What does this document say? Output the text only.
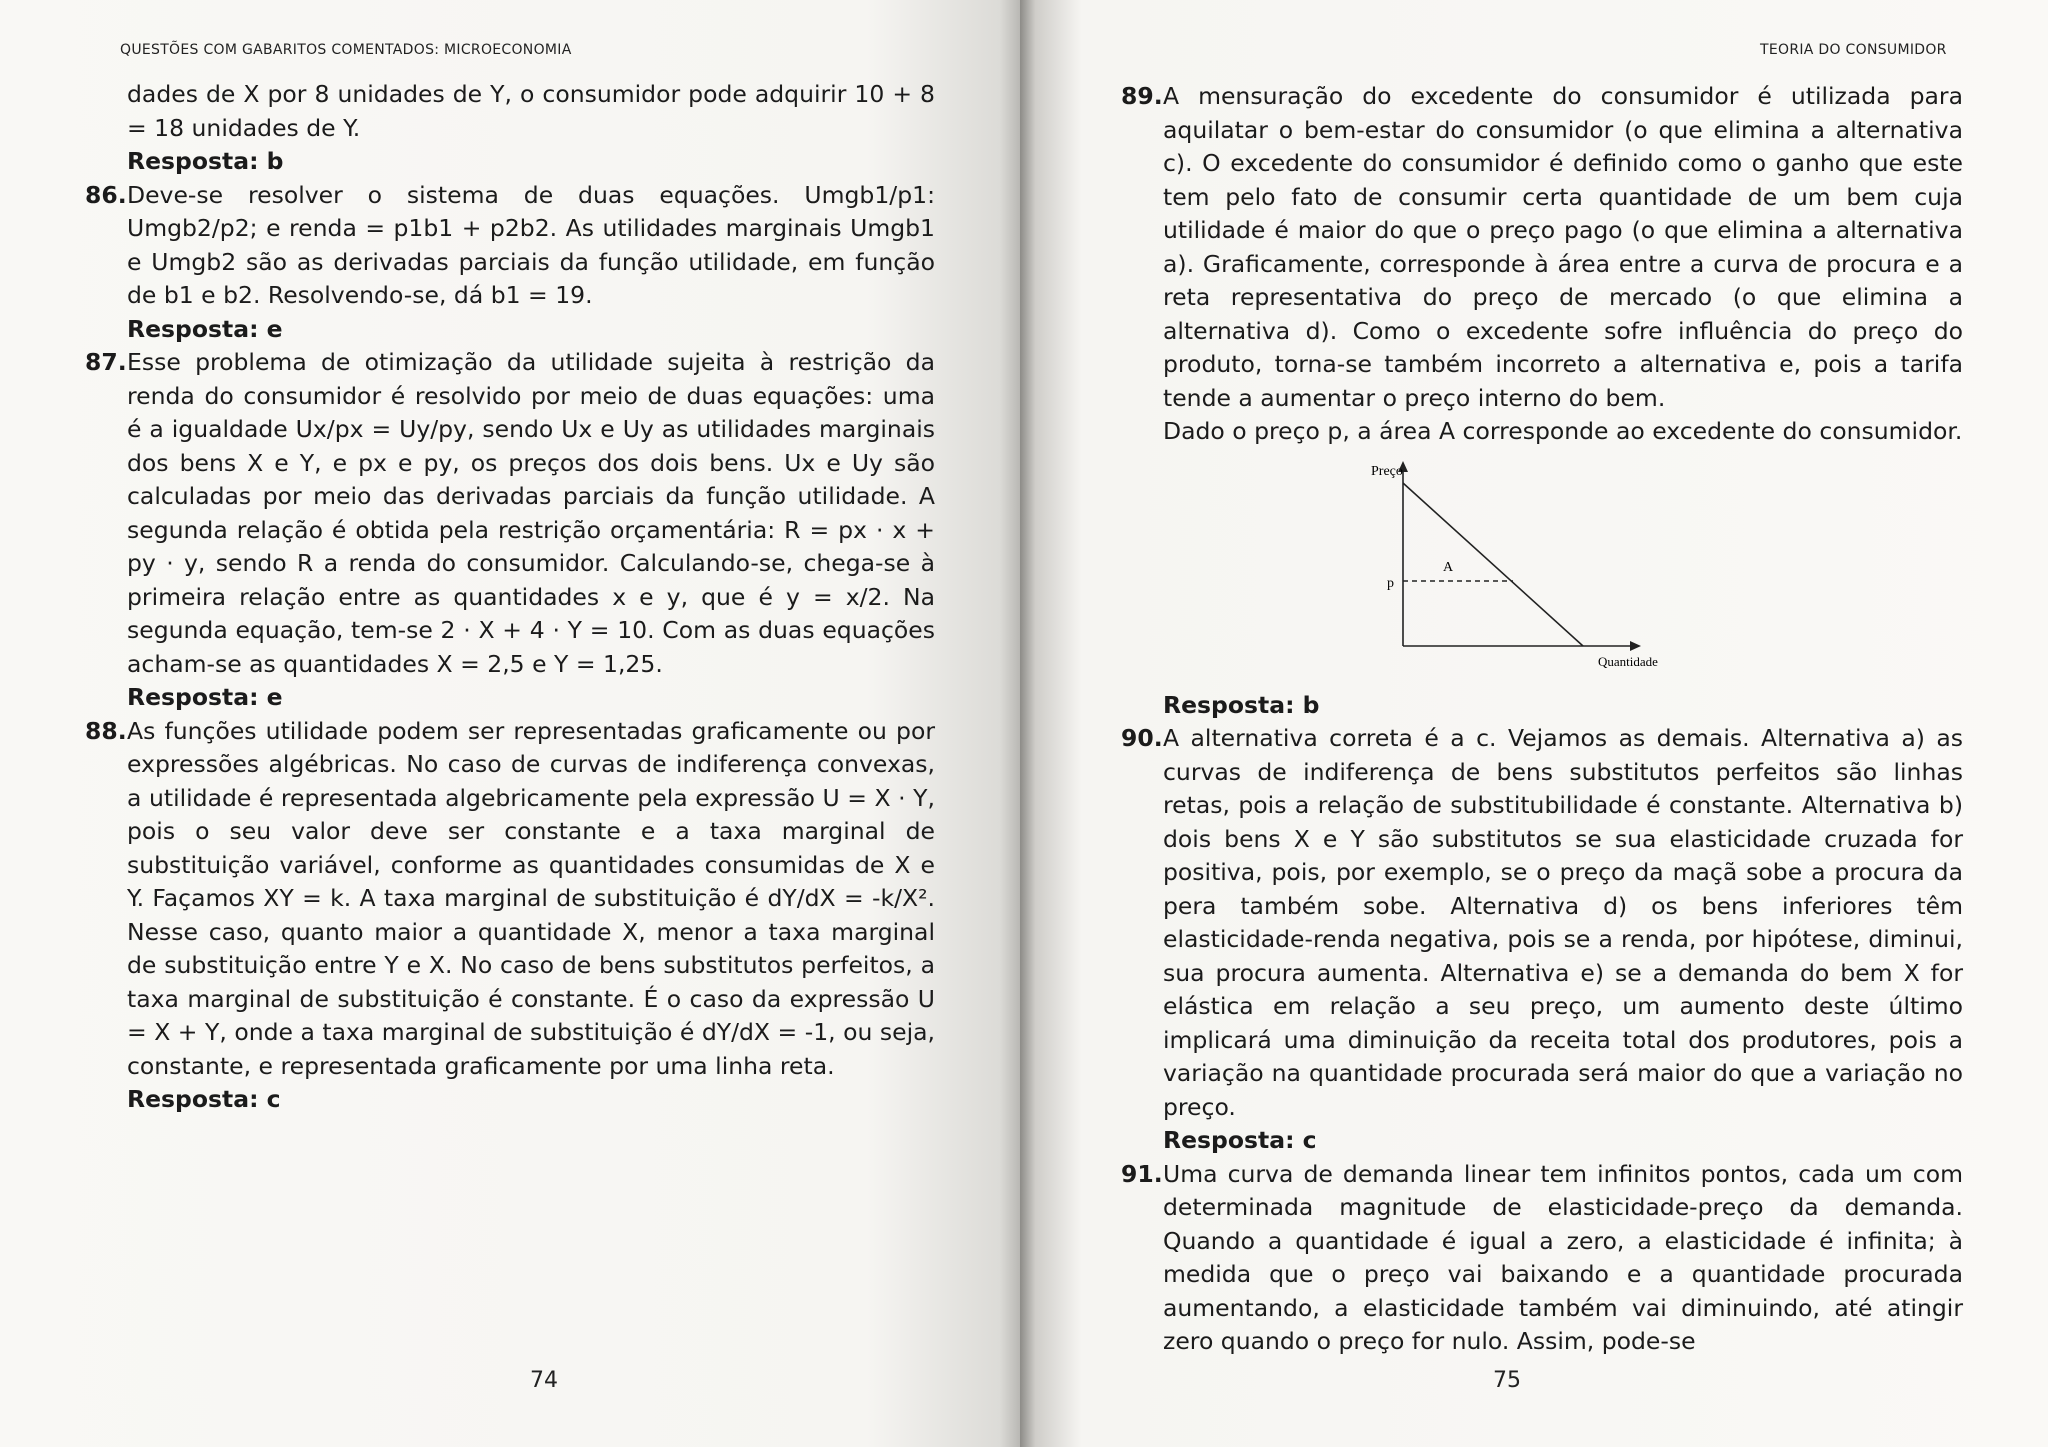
QUESTÕES COM GABARITOS COMENTADOS: MICROECONOMIA

dades de X por 8 unidades de Y, o consumidor pode adquirir 10 + 8 = 18 unidades de Y.

Resposta: b

86. Deve-se resolver o sistema de duas equações. Umgb1/p1: Umgb2/p2; e renda = p1b1 + p2b2. As utilidades marginais Umgb1 e Umgb2 são as derivadas parciais da função utilidade, em função de b1 e b2. Resolvendo-se, dá b1 = 19.

Resposta: e

87. Esse problema de otimização da utilidade sujeita à restrição da renda do consumidor é resolvido por meio de duas equações: uma é a igualdade Ux/px = Uy/py, sendo Ux e Uy as utilidades marginais dos bens X e Y, e px e py, os preços dos dois bens. Ux e Uy são calculadas por meio das derivadas parciais da função utilidade. A segunda relação é obtida pela restrição orçamentária: R = px · x + py · y, sendo R a renda do consumidor. Calculando-se, chega-se à primeira relação entre as quantidades x e y, que é y = x/2. Na segunda equação, tem-se 2 · X + 4 · Y = 10. Com as duas equações acham-se as quantidades X = 2,5 e Y = 1,25.

Resposta: e

88. As funções utilidade podem ser representadas graficamente ou por expressões algébricas. No caso de curvas de indiferença convexas, a utilidade é representada algebricamente pela expressão U = X · Y, pois o seu valor deve ser constante e a taxa marginal de substituição variável, conforme as quantidades consumidas de X e Y. Façamos XY = k. A taxa marginal de substituição é dY/dX = -k/X². Nesse caso, quanto maior a quantidade X, menor a taxa marginal de substituição entre Y e X. No caso de bens substitutos perfeitos, a taxa marginal de substituição é constante. É o caso da expressão U = X + Y, onde a taxa marginal de substituição é dY/dX = -1, ou seja, constante, e representada graficamente por uma linha reta.

Resposta: c

74
TEORIA DO CONSUMIDOR
89. A mensuração do excedente do consumidor é utilizada para aquilatar o bem-estar do consumidor (o que elimina a alternativa c). O excedente do consumidor é definido como o ganho que este tem pelo fato de consumir certa quantidade de um bem cuja utilidade é maior do que o preço pago (o que elimina a alternativa a). Graficamente, corresponde à área entre a curva de procura e a reta representativa do preço de mercado (o que elimina a alternativa d). Como o excedente sofre influência do preço do produto, torna-se também incorreto a alternativa e, pois a tarifa tende a aumentar o preço interno do bem.
Dado o preço p, a área A corresponde ao excedente do consumidor.
Preço
p
A
Quantidade

Resposta: b

90. A alternativa correta é a c. Vejamos as demais. Alternativa a) as curvas de indiferença de bens substitutos perfeitos são linhas retas, pois a relação de substitubilidade é constante. Alternativa b) dois bens X e Y são substitutos se sua elasticidade cruzada for positiva, pois, por exemplo, se o preço da maçã sobe a procura da pera também sobe. Alternativa d) os bens inferiores têm elasticidade-renda negativa, pois se a renda, por hipótese, diminui, sua procura aumenta. Alternativa e) se a demanda do bem X for elástica em relação a seu preço, um aumento deste último implicará uma diminuição da receita total dos produtores, pois a variação na quantidade procurada será maior do que a variação no preço.

Resposta: c

91. Uma curva de demanda linear tem infinitos pontos, cada um com determinada magnitude de elasticidade-preço da demanda. Quando a quantidade é igual a zero, a elasticidade é infinita; à medida que o preço vai baixando e a quantidade procurada aumentando, a elasticidade também vai diminuindo, até atingir zero quando o preço for nulo. Assim, pode-se
75
